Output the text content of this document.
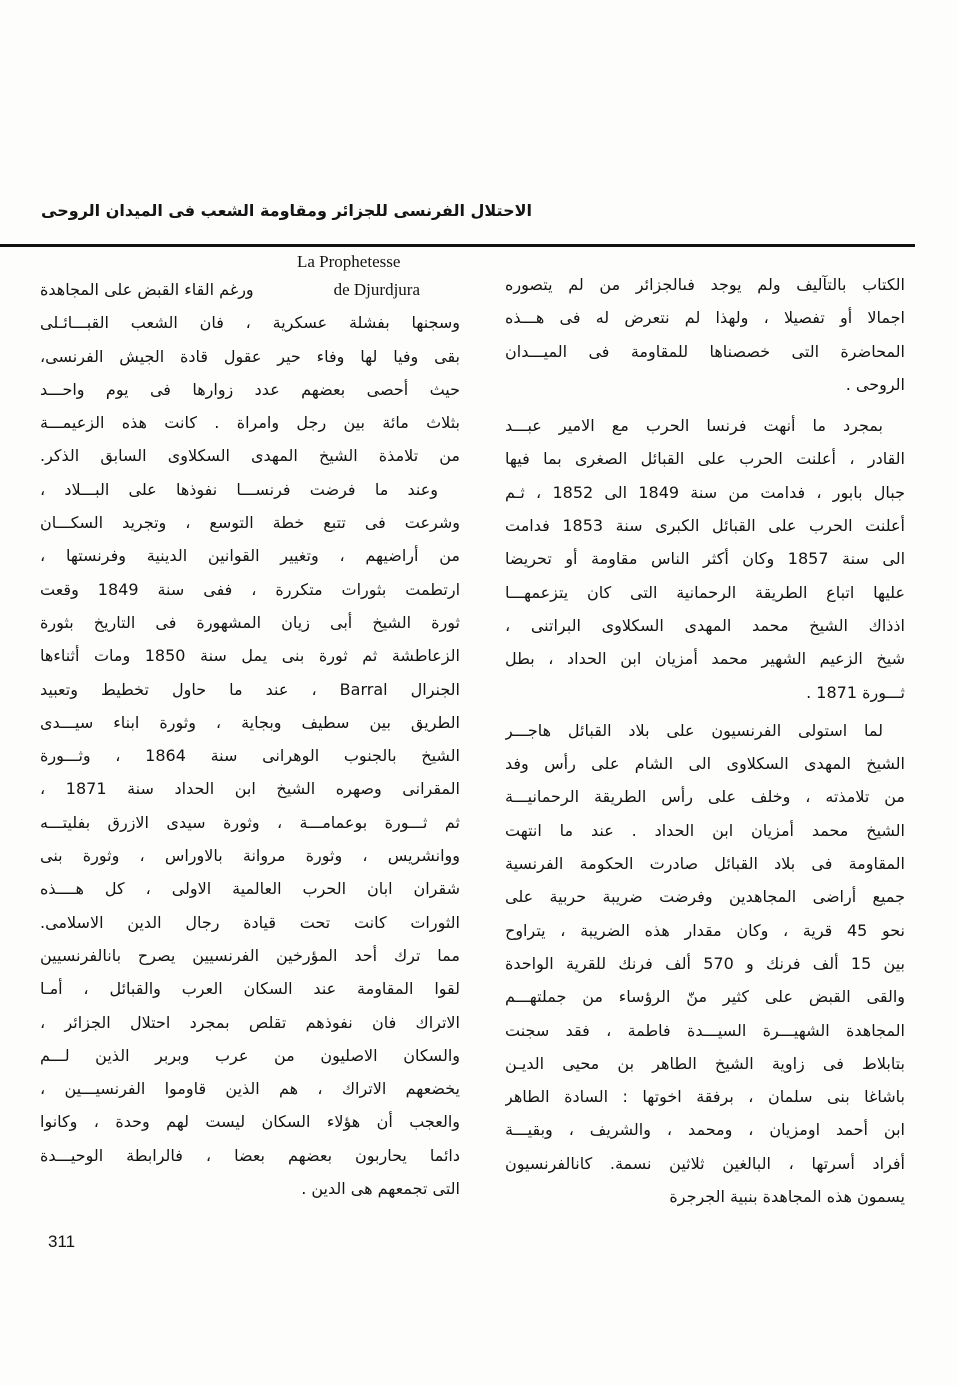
الاحتلال الفرنسى للجزائر ومقاومة الشعب فى الميدان الروحى
الكتاب بالتآليف ولم يوجد فىالجزائر من لم يتصوره
اجمالا أو تفصيلا ، ولهذا لم نتعرض له فى هـــذه
المحاضرة التى خصصناها للمقاومة فى الميـــدان
الروحى .
بمجرد ما أنهت فرنسا الحرب مع الامير عبـــد
القادر ، أعلنت الحرب على القبائل الصغرى بما فيها
جبال بابور ، فدامت من سنة 1849 الى 1852 ، ثـم
أعلنت الحرب على القبائل الكبرى سنة 1853 فدامت
الى سنة 1857 وكان أكثر الناس مقاومة أو تحريضا
عليها اتباع الطريقة الرحمانية التى كان يتزعمهـــا
اذذاك الشيخ محمد المهدى السكلاوى البراتنى ،
شيخ الزعيم الشهير محمد أمزيان ابن الحداد ، بطل
ثـــورة 1871 .
لما استولى الفرنسيون على بلاد القبائل هاجـــر
الشيخ المهدى السكلاوى الى الشام على رأس وفد
من تلامذته ، وخلف على رأس الطريقة الرحمانيـــة
الشيخ محمد أمزيان ابن الحداد . عند ما انتهت
المقاومة فى بلاد القبائل صادرت الحكومة الفرنسية
جميع أراضى المجاهدين وفرضت ضريبة حربية على
نحو 45 قرية ، وكان مقدار هذه الضريبة ، يتراوح
بين 15 ألف فرنك و 570 ألف فرنك للقرية الواحدة
والقى القبض على كثير منّ الرؤساء من جملتهـــم
المجاهدة الشهيـــرة السيـــدة فاطمة ، فقد سجنت
بتابلاط فى زاوية الشيخ الطاهر بن محيى الديـن
باشاغا بنى سلمان ، برفقة اخوتها : السادة الطاهر
ابن أحمد اومزيان ، ومحمد ، والشريف ، وبقيـــة
أفراد أسرتها ، البالغين ثلاثين نسمة. كانالفرنسيون
يسمون هذه المجاهدة بنبية الجرجرة
La Prophetesse
de Djurdjura
ورغم القاء القبض على المجاهدة
وسجنها بفشلة عسكرية ، فان الشعب القبـــائـلى
بقى وفيا لها وفاء حير عقول قادة الجيش الفرنسى،
حيث أحصى بعضهم عدد زوارها فى يوم واحـــد
بثلاث مائة بين رجل وامراة . كانت هذه الزعيمـــة
من تلامذة الشيخ المهدى السكلاوى السابق الذكر.
وعند ما فرضت فرنســـا نفوذها على البـــلاد ،
وشرعت فى تتبع خطة التوسع ، وتجريد السكـــان
من أراضيهم ، وتغيير القوانين الدينية وفرنستها ،
ارتطمت بثورات متكررة ، ففى سنة 1849 وقعت
ثورة الشيخ أبى زيان المشهورة فى التاريخ بثورة
الزعاطشة ثم ثورة بنى يمل سنة 1850 ومات أثناءها
الجنرال Barral ، عند ما حاول تخطيط وتعبيد
الطريق بين سطيف وبجاية ، وثورة ابناء سيـــدى
الشيخ بالجنوب الوهرانى سنة 1864 ، وثـــورة
المقرانى وصهره الشيخ ابن الحداد سنة 1871 ،
ثم ثـــورة بوعمامـــة ، وثورة سيدى الازرق بفليتـــه
ووانشريس ، وثورة مروانة بالاوراس ، وثورة بنى
شقران ابان الحرب العالمية الاولى ، كل هــــذه
الثورات كانت تحت قيادة رجال الدين الاسلامى.
مما ترك أحد المؤرخين الفرنسيين يصرح بانالفرنسيين
لقوا المقاومة عند السكان العرب والقبائل ، أمـا
الاتراك فان نفوذهم تقلص بمجرد احتلال الجزائر ،
والسكان الاصليون من عرب وبربر الذين لـــم
يخضعهم الاتراك ، هم الذين قاوموا الفرنسيـــين ،
والعجب أن هؤلاء السكان ليست لهم وحدة ، وكانوا
دائما يحاربون بعضهم بعضا ، فالرابطة الوحيـــدة
التى تجمعهم هى الدين .
311
